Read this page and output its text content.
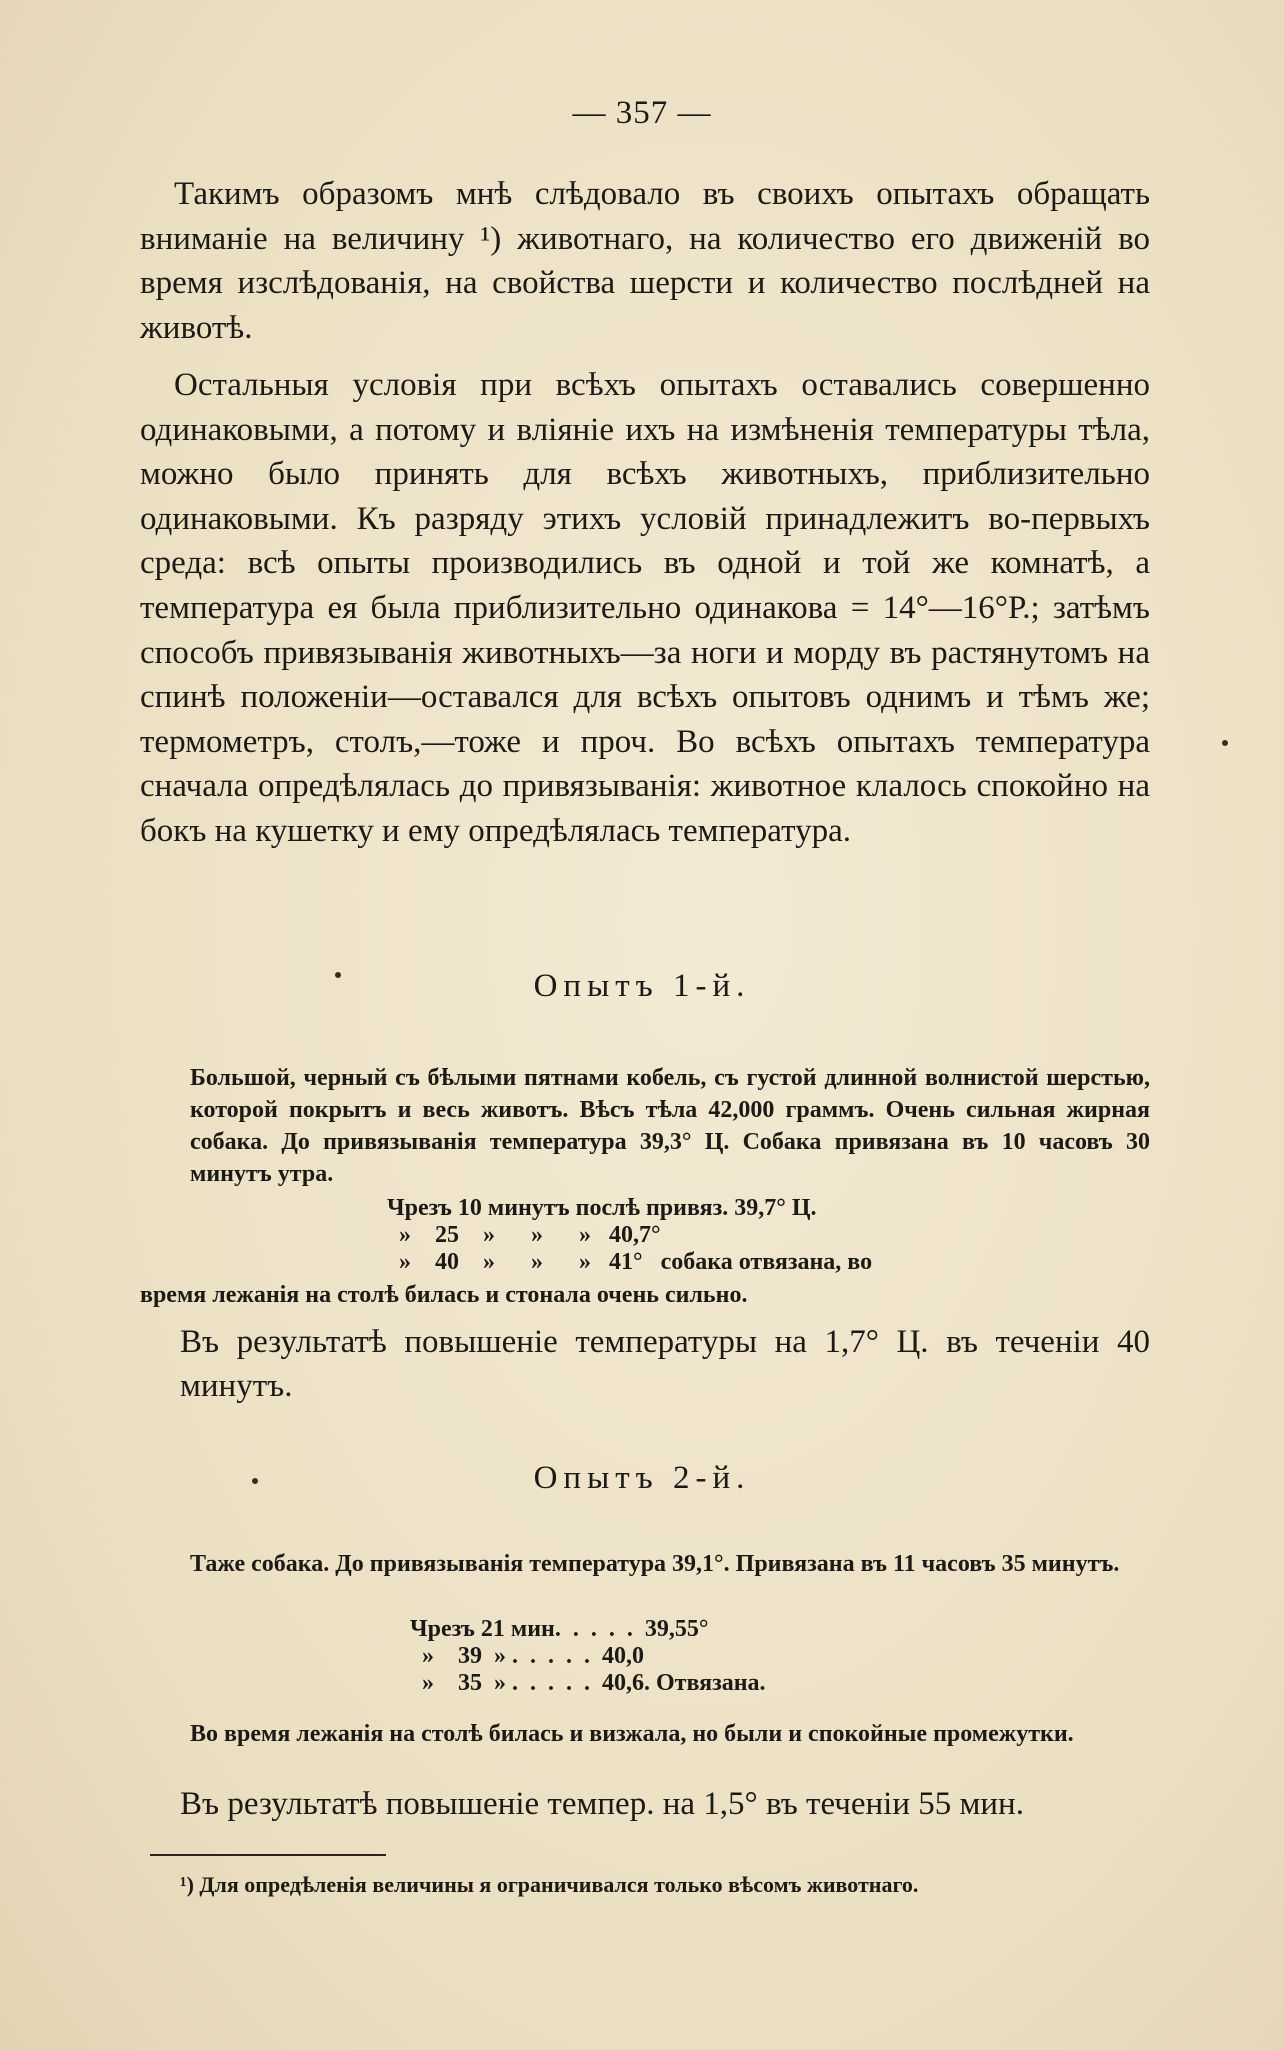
— 357 —

Такимъ образомъ мнѣ слѣдовало въ своихъ опытахъ обращать вниманіе на величину ¹) животнаго, на количество его движеній во время изслѣдованія, на свойства шерсти и количество послѣдней на животѣ.

Остальныя условія при всѣхъ опытахъ оставались совершенно одинаковыми, а потому и вліяніе ихъ на измѣненія температуры тѣла, можно было принять для всѣхъ животныхъ, приблизительно одинаковыми. Къ разряду этихъ условій принадлежитъ во-первыхъ среда: всѣ опыты производились въ одной и той же комнатѣ, а температура ея была приблизительно одинакова = 14°—16°Р.; затѣмъ способъ привязыванія животныхъ—за ноги и морду въ растянутомъ на спинѣ положеніи—оставался для всѣхъ опытовъ однимъ и тѣмъ же; термометръ, столъ,—тоже и проч. Во всѣхъ опытахъ температура сначала опредѣлялась до привязыванія: животное клалось спокойно на бокъ на кушетку и ему опредѣлялась температура.

Опытъ 1-й.

Большой, черный съ бѣлыми пятнами кобель, съ густой длинной волнистой шерстью, которой покрытъ и весь животъ. Вѣсъ тѣла 42,000 граммъ. Очень сильная жирная собака. До привязыванія температура 39,3° Ц. Собака привязана въ 10 часовъ 30 минутъ утра.

Чрезъ 10 минутъ послѣ привяз. 39,7° Ц.
»    25    »      »      »   40,7°
»    40    »      »      »   41°   собака отвязана, во
время лежанія на столѣ билась и стонала очень сильно.
Въ результатѣ повышеніе температуры на 1,7° Ц. въ теченіи 40 минутъ.
Опытъ 2-й.

Таже собака. До привязыванія температура 39,1°. Привязана въ 11 часовъ 35 минутъ.

Чрезъ 21 мин.  .  .  .  .  39,55°
»    39  » .  .  .  .  .  40,0
»    35  » .  .  .  .  .  40,6. Отвязана.

Во время лежанія на столѣ билась и визжала, но были и спокойные промежутки.

Въ результатѣ повышеніе темпер. на 1,5° въ теченіи 55 мин.
¹) Для опредѣленія величины я ограничивался только вѣсомъ животнаго.
